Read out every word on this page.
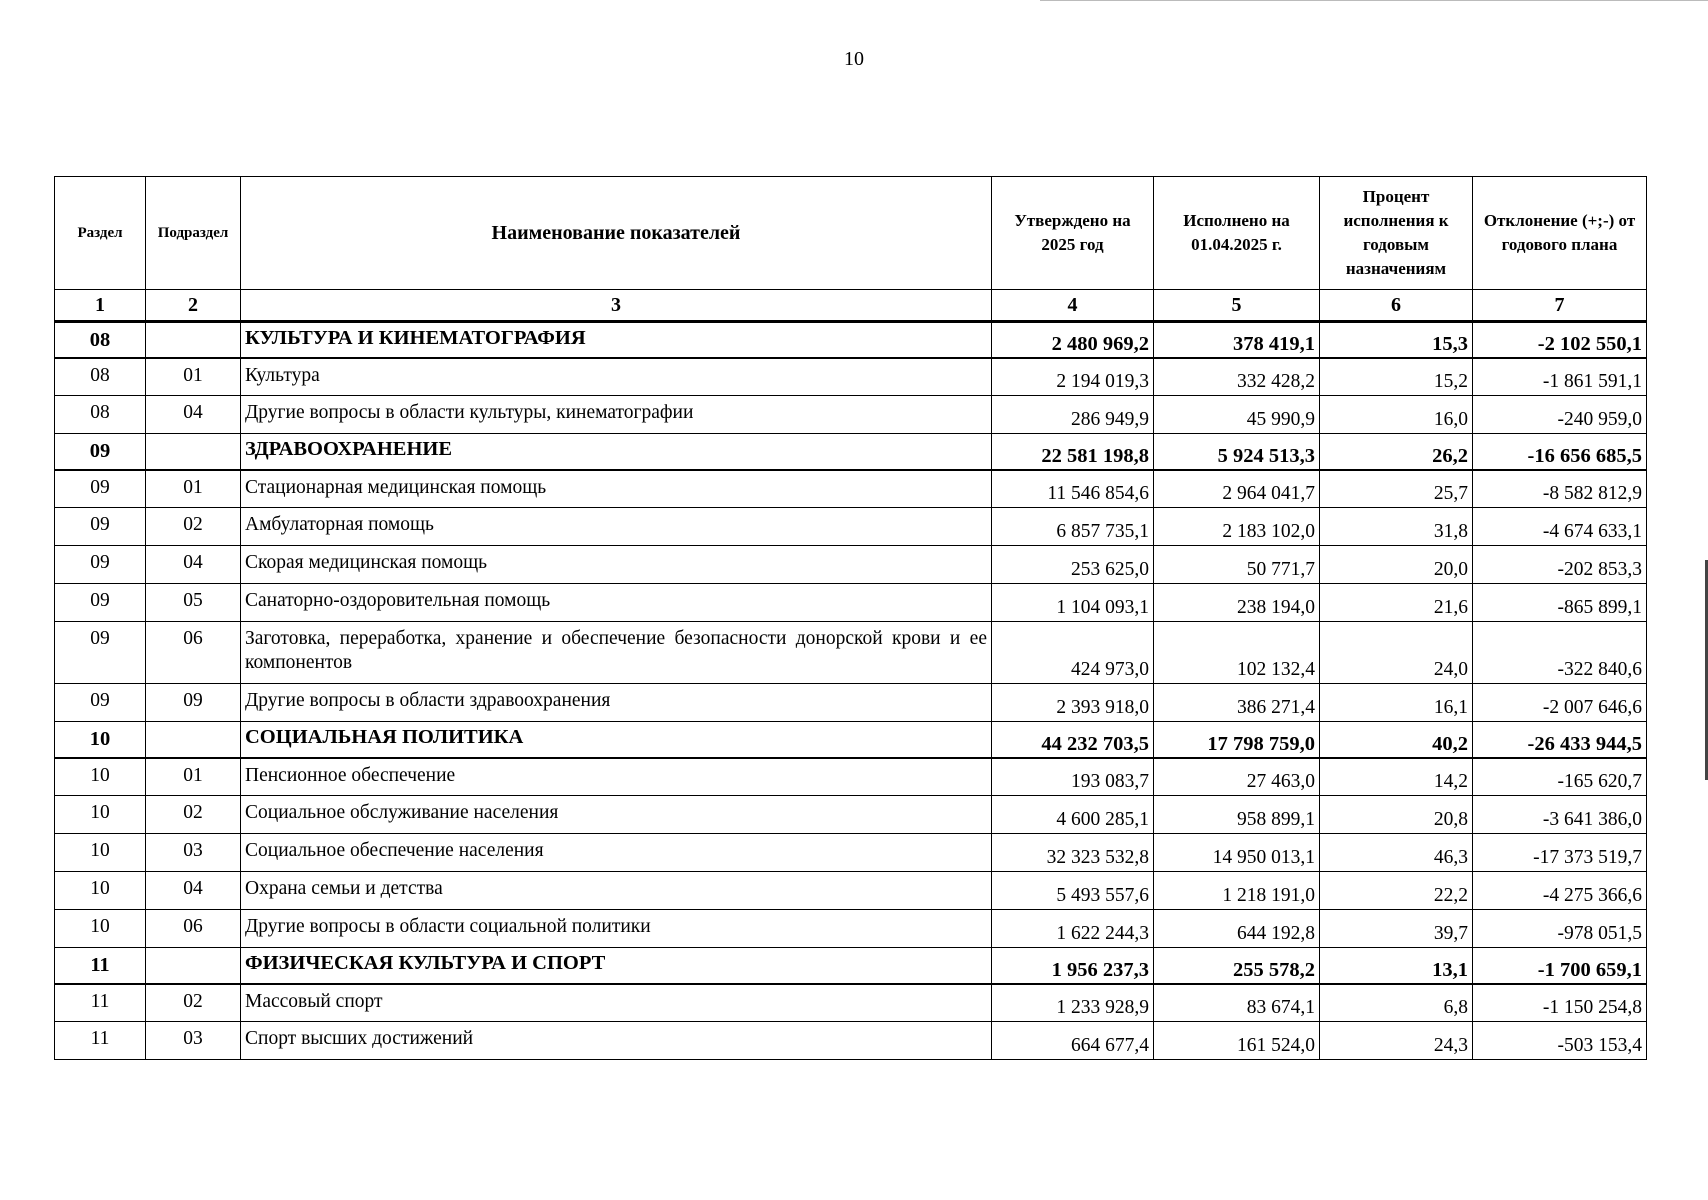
10
Раздел	Подраздел	Наименование показателей	Утверждено на 2025 год	Исполнено на 01.04.2025 г.	Процент исполнения к годовым назначениям	Отклонение (+;-) от годового плана
1	2	3	4	5	6	7
08		КУЛЬТУРА И КИНЕМАТОГРАФИЯ	2 480 969,2	378 419,1	15,3	-2 102 550,1
08	01	Культура	2 194 019,3	332 428,2	15,2	-1 861 591,1
08	04	Другие вопросы в области культуры, кинематографии	286 949,9	45 990,9	16,0	-240 959,0
09		ЗДРАВООХРАНЕНИЕ	22 581 198,8	5 924 513,3	26,2	-16 656 685,5
09	01	Стационарная медицинская помощь	11 546 854,6	2 964 041,7	25,7	-8 582 812,9
09	02	Амбулаторная помощь	6 857 735,1	2 183 102,0	31,8	-4 674 633,1
09	04	Скорая медицинская помощь	253 625,0	50 771,7	20,0	-202 853,3
09	05	Санаторно-оздоровительная помощь	1 104 093,1	238 194,0	21,6	-865 899,1
09	06	Заготовка, переработка, хранение и обеспечение безопасности донорской крови и ее компонентов	424 973,0	102 132,4	24,0	-322 840,6
09	09	Другие вопросы в области здравоохранения	2 393 918,0	386 271,4	16,1	-2 007 646,6
10		СОЦИАЛЬНАЯ ПОЛИТИКА	44 232 703,5	17 798 759,0	40,2	-26 433 944,5
10	01	Пенсионное обеспечение	193 083,7	27 463,0	14,2	-165 620,7
10	02	Социальное обслуживание населения	4 600 285,1	958 899,1	20,8	-3 641 386,0
10	03	Социальное обеспечение населения	32 323 532,8	14 950 013,1	46,3	-17 373 519,7
10	04	Охрана семьи и детства	5 493 557,6	1 218 191,0	22,2	-4 275 366,6
10	06	Другие вопросы в области социальной политики	1 622 244,3	644 192,8	39,7	-978 051,5
11		ФИЗИЧЕСКАЯ КУЛЬТУРА И СПОРТ	1 956 237,3	255 578,2	13,1	-1 700 659,1
11	02	Массовый спорт	1 233 928,9	83 674,1	6,8	-1 150 254,8
11	03	Спорт высших достижений	664 677,4	161 524,0	24,3	-503 153,4
